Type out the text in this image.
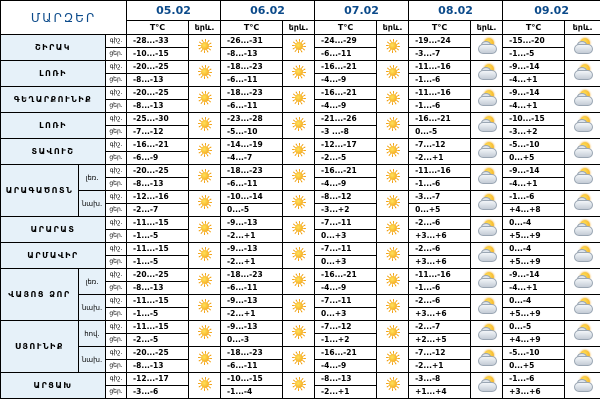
ՄԱՐԶԵՐ			05.02		06.02		07.02		08.02		09.02	
			T°C	երև.	T°C	երև.	T°C	երև.	T°C	երև.	T°C	երև.
ՇԻՐԱԿ		գիշ.	-28...-33		-26...-31		-24...-29		-19...-24		-15...-20	

		ցեր.	-10...-15		-8...-13		-6...-11		-3...-7		-1...-5	
ԼՈՌԻ		գիշ.	-20...-25		-18...-23		-16...-21		-11...-16		-9...-14	

		ցեր.	-8...-13		-6...-11		-4...-9		-1...-6		-4...+1	
ԳԵՂԱՐՔՈՒՆԻՔ		գիշ.	-20...-25		-18...-23		-16...-21		-11...-16		-9...-14	

		ցեր.	-8...-13		-6...-11		-4...-9		-1...-6		-4...+1	
ԼՈՌԻ		գիշ.	-25...-30		-23...-28		-21...-26		-16...-21		-10...-15	

		ցեր.	-7...-12		-5...-10		-3 ...-8		0...-5		-3...+2	
ՏԱՎՈՒՇ		գիշ.	-16...-21		-14...-19		-12...-17		-7...-12		-5...-10	

		ցեր.	-6...-9		-4...-7		-2...-5		-2...+1		0...+5	
ԱՐԱԳԱԾՈՏՆ	լեռ.	գիշ.	-20...-25		-18...-23		-16...-21		-11...-16		-9...-14	

		ցեր.	-8...-13		-6...-11		-4...-9		-1...-6		-4...+1	
	նախ.	գիշ.	-12...-16		-10...-14		-8...-12		-3...-7		-1...-6	

		ցեր.	-2...-7		0...-5		-3...+2		0...+5		+4...+8	
ԱՐԱՐԱՏ		գիշ.	-11...-15		-9...-13		-7...-11		-2...-6		0...-4	

		ցեր.	-1...-5		-2...+1		0...+3		+3...+6		+5...+9	
ԱՐՄԱՎԻՐ		գիշ.	-11...-15		-9...-13		-7...-11		-2...-6		0...-4	

		ցեր.	-1...-5		-2...+1		0...+3		+3...+6		+5...+9	
ՎԱՅՈՑ ՁՈՐ	լեռ.	գիշ.	-20...-25		-18...-23		-16...-21		-11...-16		-9...-14	

		ցեր.	-8...-13		-6...-11		-4...-9		-1...-6		-4...+1	
	նախ.	գիշ.	-11...-15		-9...-13		-7...-11		-2...-6		0...-4	

		ցեր.	-1...-5		-2...+1		0...+3		+3...+6		+5...+9	
ՍՅՈՒՆԻՔ	հով.	գիշ.	-11...-15		-9...-13		-7...-12		-2...-7		0...-5	

		ցեր.	-2...-5		0...-3		-1...+2		+2...+5		+4...+9	
	նախ.	գիշ.	-20...-25		-18...-23		-16...-21		-7...-12		-5...-10	

		ցեր.	-8...-13		-6...-11		-4...-9		-2...+1		0...+5	
ԱՐՑԱԽ		գիշ.	-12...-17		-10...-15		-8...-13		-3...-8		-1...-6	

		ցեր.	-3...-6		-1...-4		-2...+1		+1...+4		+3...+6	
